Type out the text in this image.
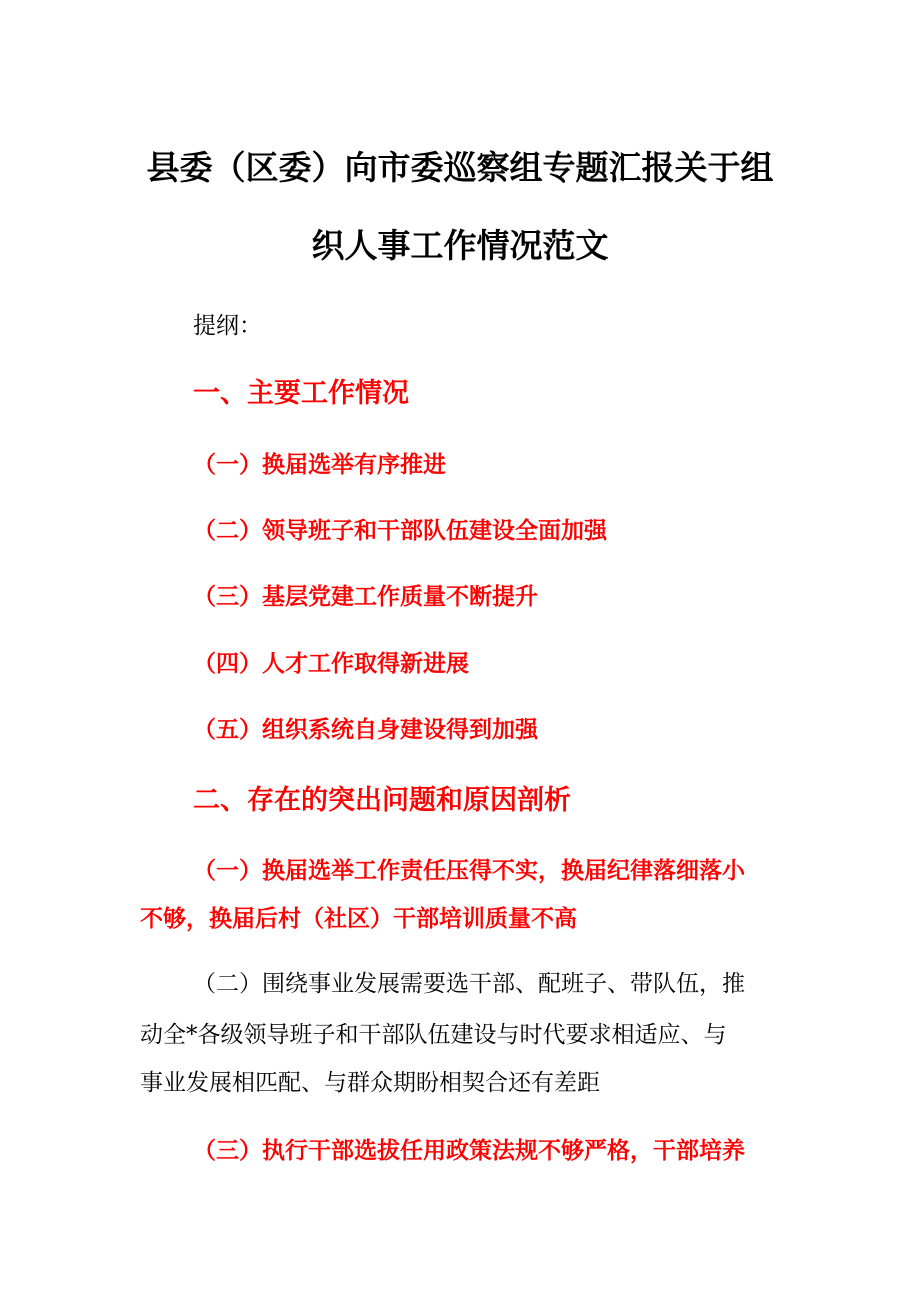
县委（区委）向市委巡察组专题汇报关于组
织人事工作情况范文
提纲：
一、主要工作情况
（一）换届选举有序推进
（二）领导班子和干部队伍建设全面加强
（三）基层党建工作质量不断提升
（四）人才工作取得新进展
（五）组织系统自身建设得到加强
二、存在的突出问题和原因剖析
（一）换届选举工作责任压得不实，换届纪律落细落小
不够，换届后村（社区）干部培训质量不高
（二）围绕事业发展需要选干部、配班子、带队伍，推
动全*各级领导班子和干部队伍建设与时代要求相适应、与
事业发展相匹配、与群众期盼相契合还有差距
（三）执行干部选拔任用政策法规不够严格，干部培养
